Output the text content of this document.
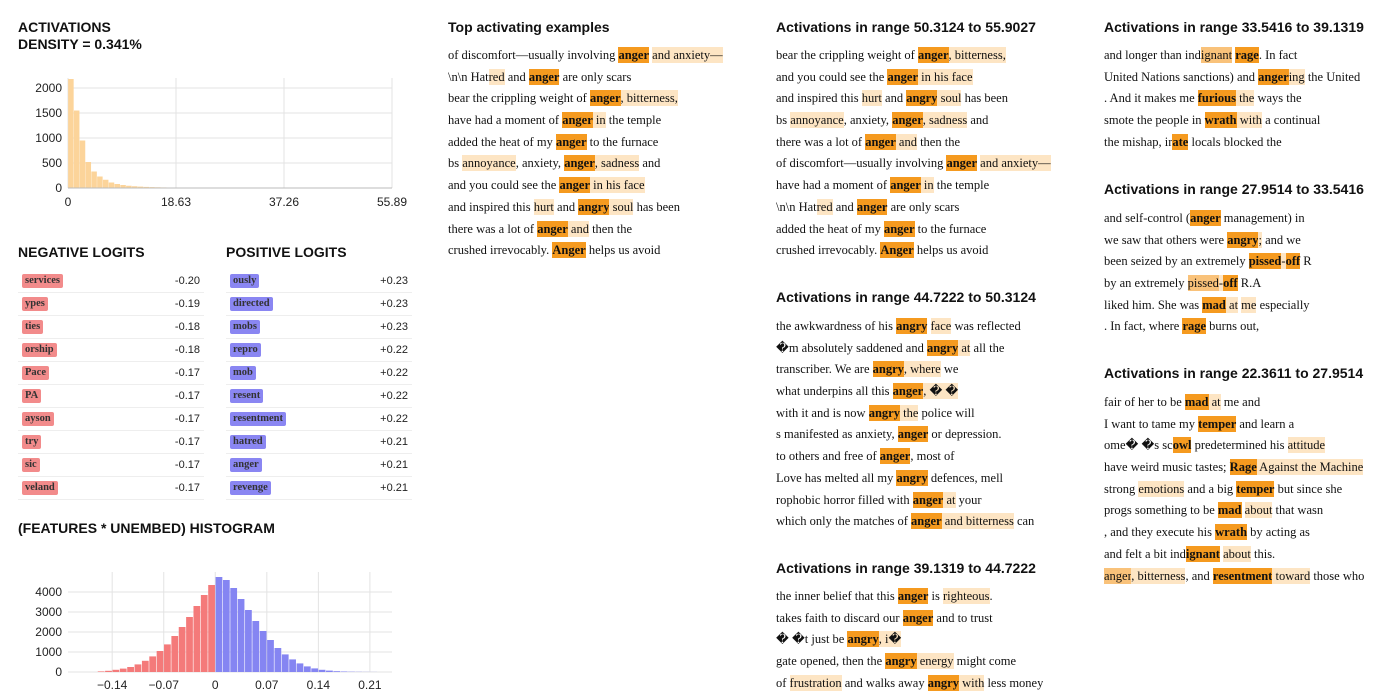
ACTIVATIONS
DENSITY = 0.341%
2000
1500
1000
500
0
0	18.63	37.26	55.89
NEGATIVE LOGITS
services	-0.20
ypes	-0.19
ties	-0.18
orship	-0.18
Pace	-0.17
PA	-0.17
ayson	-0.17
try	-0.17
sic	-0.17
veland	-0.17
POSITIVE LOGITS
ously	+0.23
directed	+0.23
mobs	+0.23
repro	+0.22
mob	+0.22
resent	+0.22
resentment	+0.22
hatred	+0.21
anger	+0.21
revenge	+0.21
(FEATURES * UNEMBED) HISTOGRAM
4000
3000
2000
1000
0
−0.14 −0.07	0	0.07 0.14 0.21
Top activating examples
of discomfort—usually involving anger and anxiety—
\n\n Hatred and anger are only scars
bear the crippling weight of anger, bitterness,
have had a moment of anger in the temple
added the heat of my anger to the furnace
bs annoyance, anxiety, anger, sadness and
and you could see the anger in his face
and inspired this hurt and angry soul has been
there was a lot of anger and then the
crushed irrevocably. Anger helps us avoid
Activations in range 50.3124 to 55.9027
bear the crippling weight of anger, bitterness,
and you could see the anger in his face
and inspired this hurt and angry soul has been
bs annoyance, anxiety, anger, sadness and
there was a lot of anger and then the
of discomfort—usually involving anger and anxiety—
have had a moment of anger in the temple
\n\n Hatred and anger are only scars
added the heat of my anger to the furnace
crushed irrevocably. Anger helps us avoid
Activations in range 44.7222 to 50.3124
the awkwardness of his angry face was reflected
�m absolutely saddened and angry at all the
transcriber. We are angry, where we
what underpins all this anger, � �
with it and is now angry the police will
s manifested as anxiety, anger or depression.
to others and free of anger, most of
Love has melted all my angry defences, mell
rophobic horror filled with anger at your
which only the matches of anger and bitterness can
Activations in range 39.1319 to 44.7222
the inner belief that this anger is righteous.
takes faith to discard our anger and to trust
� �t just be angry, i�
gate opened, then the angry energy might come
of frustration and walks away angry with less money
Activations in range 33.5416 to 39.1319
and longer than indignant rage. In fact
United Nations sanctions) and angering the United
. And it makes me furious the ways the
smote the people in wrath with a continual
the mishap, irate locals blocked the
Activations in range 27.9514 to 33.5416
and self-control (anger management) in
we saw that others were angry; and we
been seized by an extremely pissed-off R
by an extremely pissed-off R.A
liked him. She was mad at me especially
. In fact, where rage burns out,
Activations in range 22.3611 to 27.9514
fair of her to be mad at me and
I want to tame my temper and learn a
ome� �s scowl predetermined his attitude
have weird music tastes; Rage Against the Machine
strong emotions and a big temper but since she
progs something to be mad about that wasn
, and they execute his wrath by acting as
and felt a bit indignant about this.
anger, bitterness, and resentment toward those who
